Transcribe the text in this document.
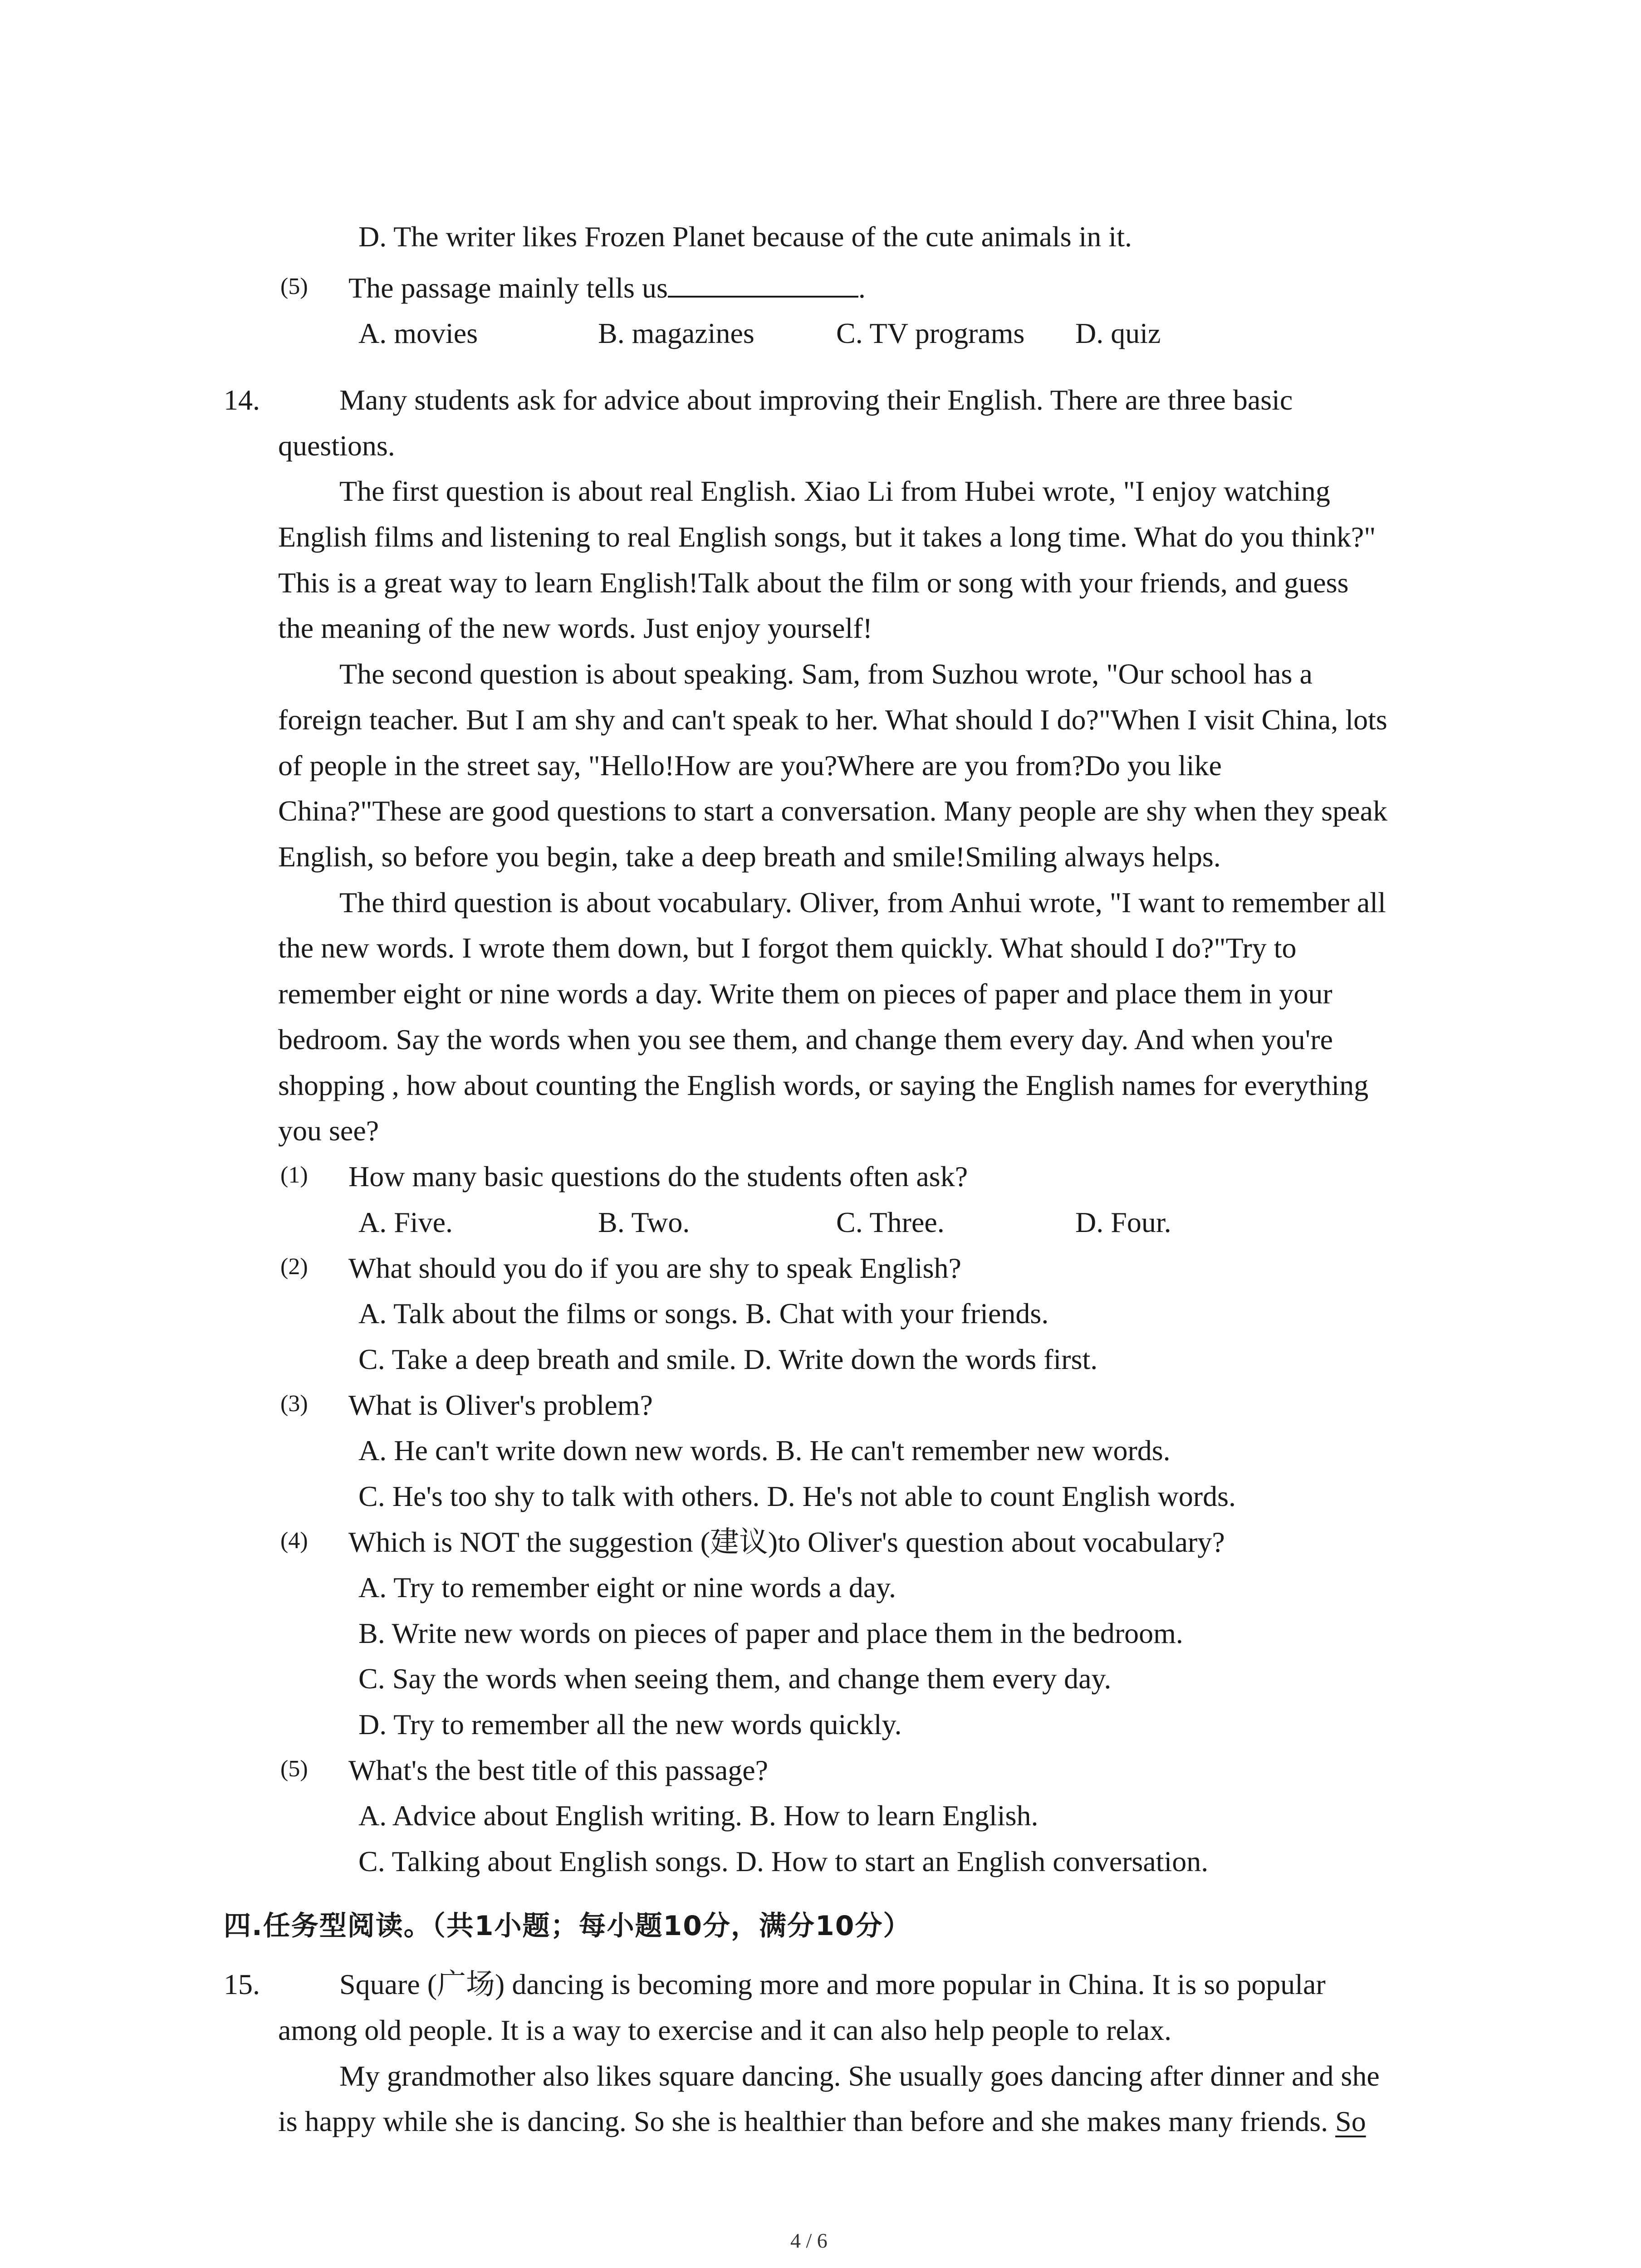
D. The writer likes Frozen Planet because of the cute animals in it.
(5) The passage mainly tells us	.
A. movies	B. magazines	C. TV programs D. quiz
14.	Many students ask for advice about improving their English. There are three basic
questions.
The first question is about real English. Xiao Li from Hubei wrote, "I enjoy watching
English films and listening to real English songs, but it takes a long time. What do you think?"
This is a great way to learn English!Talk about the film or song with your friends, and guess
the meaning of the new words. Just enjoy yourself!
The second question is about speaking. Sam, from Suzhou wrote, "Our school has a
foreign teacher. But I am shy and can't speak to her. What should I do?"When I visit China, lots
of people in the street say, "Hello!How are you?Where are you from?Do you like
China?"These are good questions to start a conversation. Many people are shy when they speak
English, so before you begin, take a deep breath and smile!Smiling always helps.
The third question is about vocabulary. Oliver, from Anhui wrote, "I want to remember all
the new words. I wrote them down, but I forgot them quickly. What should I do?"Try to
remember eight or nine words a day. Write them on pieces of paper and place them in your
bedroom. Say the words when you see them, and change them every day. And when you're
shopping , how about counting the English words, or saying the English names for everything
you see?
(1) How many basic questions do the students often ask?
A. Five.	B. Two.	C. Three.	D. Four.
(2) What should you do if you are shy to speak English?
A. Talk about the films or songs. B. Chat with your friends.
C. Take a deep breath and smile. D. Write down the words first.
(3) What is Oliver's problem?
A. He can't write down new words. B. He can't remember new words.
C. He's too shy to talk with others. D. He's not able to count English words.
(4) Which is NOT the suggestion (建议)to Oliver's question about vocabulary?
A. Try to remember eight or nine words a day.
B. Write new words on pieces of paper and place them in the bedroom.
C. Say the words when seeing them, and change them every day.
D. Try to remember all the new words quickly.
(5) What's the best title of this passage?
A. Advice about English writing. B. How to learn English.
C. Talking about English songs. D. How to start an English conversation.
四.任务型阅读。（共1小题；每小题10分，满分10分）
15.	Square (广场) dancing is becoming more and more popular in China. It is so popular
among old people. It is a way to exercise and it can also help people to relax.
My grandmother also likes square dancing. She usually goes dancing after dinner and she
is happy while she is dancing. So she is healthier than before and she makes many friends. So
4 / 6
